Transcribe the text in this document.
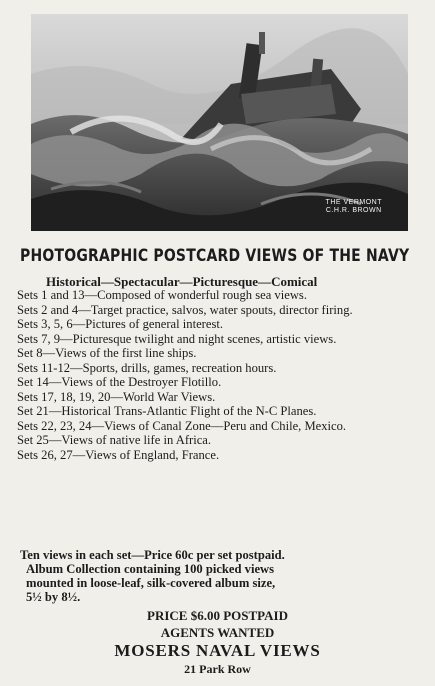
THE VERMONT
C.H.R. BROWN
PHOTOGRAPHIC POSTCARD VIEWS OF THE NAVY
Historical—Spectacular—Picturesque—Comical
Sets 1 and 13—Composed of wonderful rough sea views.
Sets 2 and 4—Target practice, salvos, water spouts, director firing.
Sets 3, 5, 6—Pictures of general interest.
Sets 7, 9—Picturesque twilight and night scenes, artistic views.
Set 8—Views of the first line ships.
Sets 11-12—Sports, drills, games, recreation hours.
Set 14—Views of the Destroyer Flotillo.
Sets 17, 18, 19, 20—World War Views.
Set 21—Historical Trans-Atlantic Flight of the N-C Planes.
Sets 22, 23, 24—Views of Canal Zone—Peru and Chile, Mexico.
Set 25—Views of native life in Africa.
Sets 26, 27—Views of England, France.
Ten views in each set—Price 60c per set postpaid.
Album Collection containing 100 picked views
mounted in loose-leaf, silk-covered album size,
5½ by 8½.
PRICE $6.00 POSTPAID
AGENTS WANTED
MOSERS NAVAL VIEWS
21 Park Row
